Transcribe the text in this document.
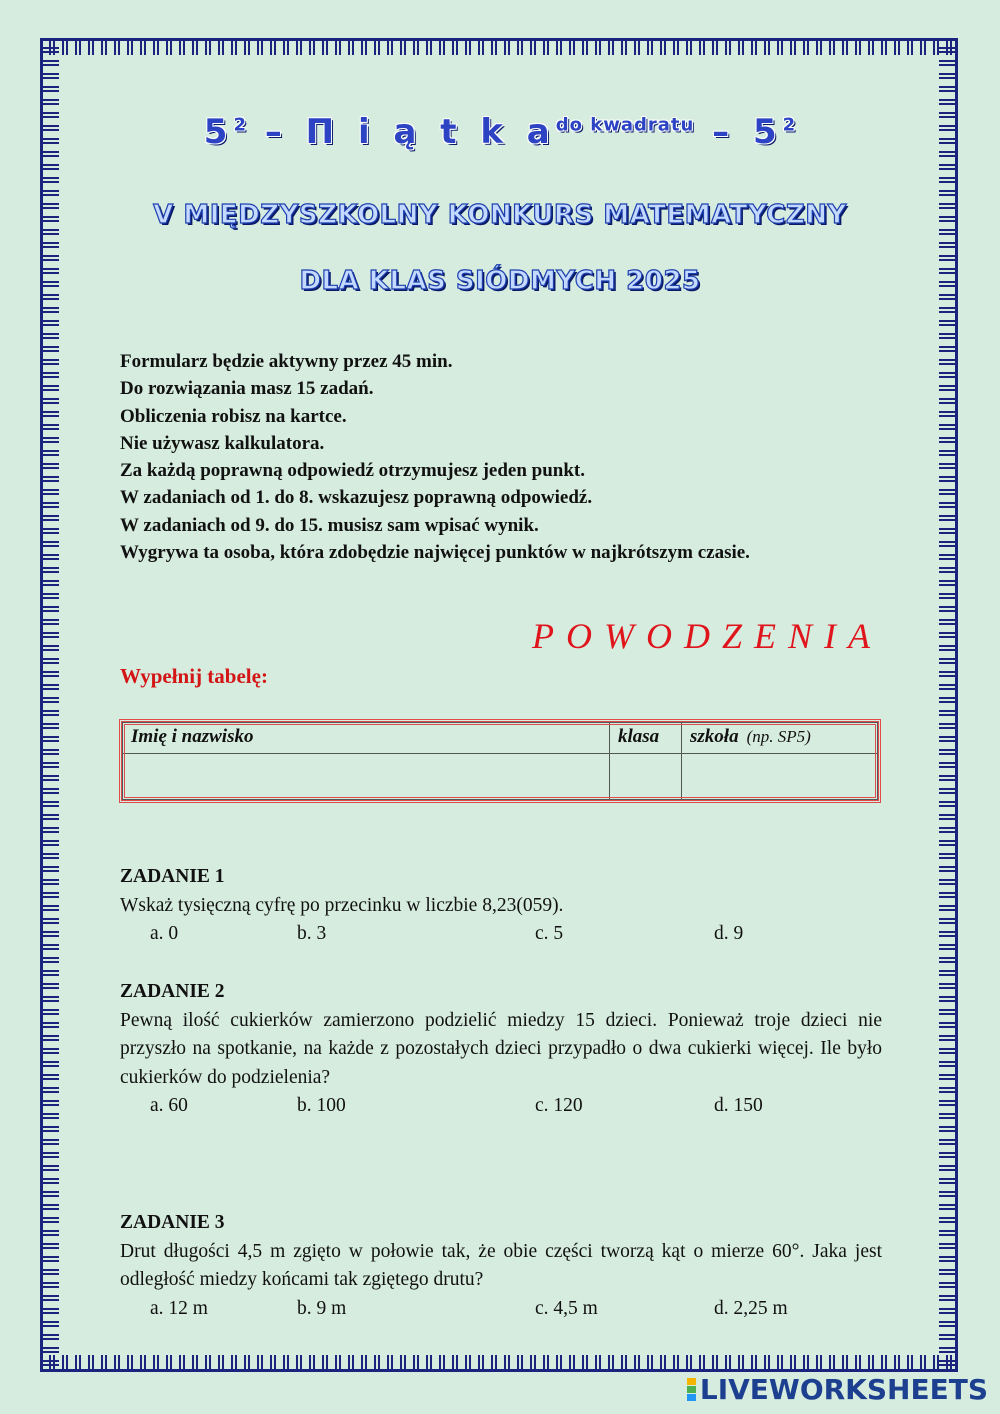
$5^2$ – Π i ą t k $a^{do kwadratu} - 5^2$
V MIĘDZYSZKOLNY KONKURS MATEMATYCZNY
DLA KLAS SIÓDMYCH 2025
Formularz będzie aktywny przez 45 min.
Do rozwiązania masz 15 zadań.
Obliczenia robisz na kartce.
Nie używasz kalkulatora.
Za każdą poprawną odpowiedź otrzymujesz jeden punkt.
W zadaniach od 1. do 8. wskazujesz poprawną odpowiedź.
W zadaniach od 9. do 15. musisz sam wpisać wynik.
Wygrywa ta osoba, która zdobędzie najwięcej punktów w najkrótszym czasie.
POWODZENIA
Wypełnij tabelę:
Imię i nazwisko	klasa	szkoła (np. SP5)

ZADANIE 1
Wskaż tysięczną cyfrę po przecinku w liczbie 8,23(059).
a. 0	b. 3	c. 5	d. 9
ZADANIE 2
Pewną ilość cukierków zamierzono podzielić miedzy 15 dzieci. Ponieważ troje dzieci nie przyszło na spotkanie, na każde z pozostałych dzieci przypadło o dwa cukierki więcej. Ile było cukierków do podzielenia?
a. 60	b. 100	c. 120	d. 150
ZADANIE 3
Drut długości 4,5 m zgięto w połowie tak, że obie części tworzą kąt o mierze 60°. Jaka jest odległość miedzy końcami tak zgiętego drutu?
a. 12 m	b. 9 m	c. 4,5 m	d. 2,25 m
LIVEWORKSHEETS
